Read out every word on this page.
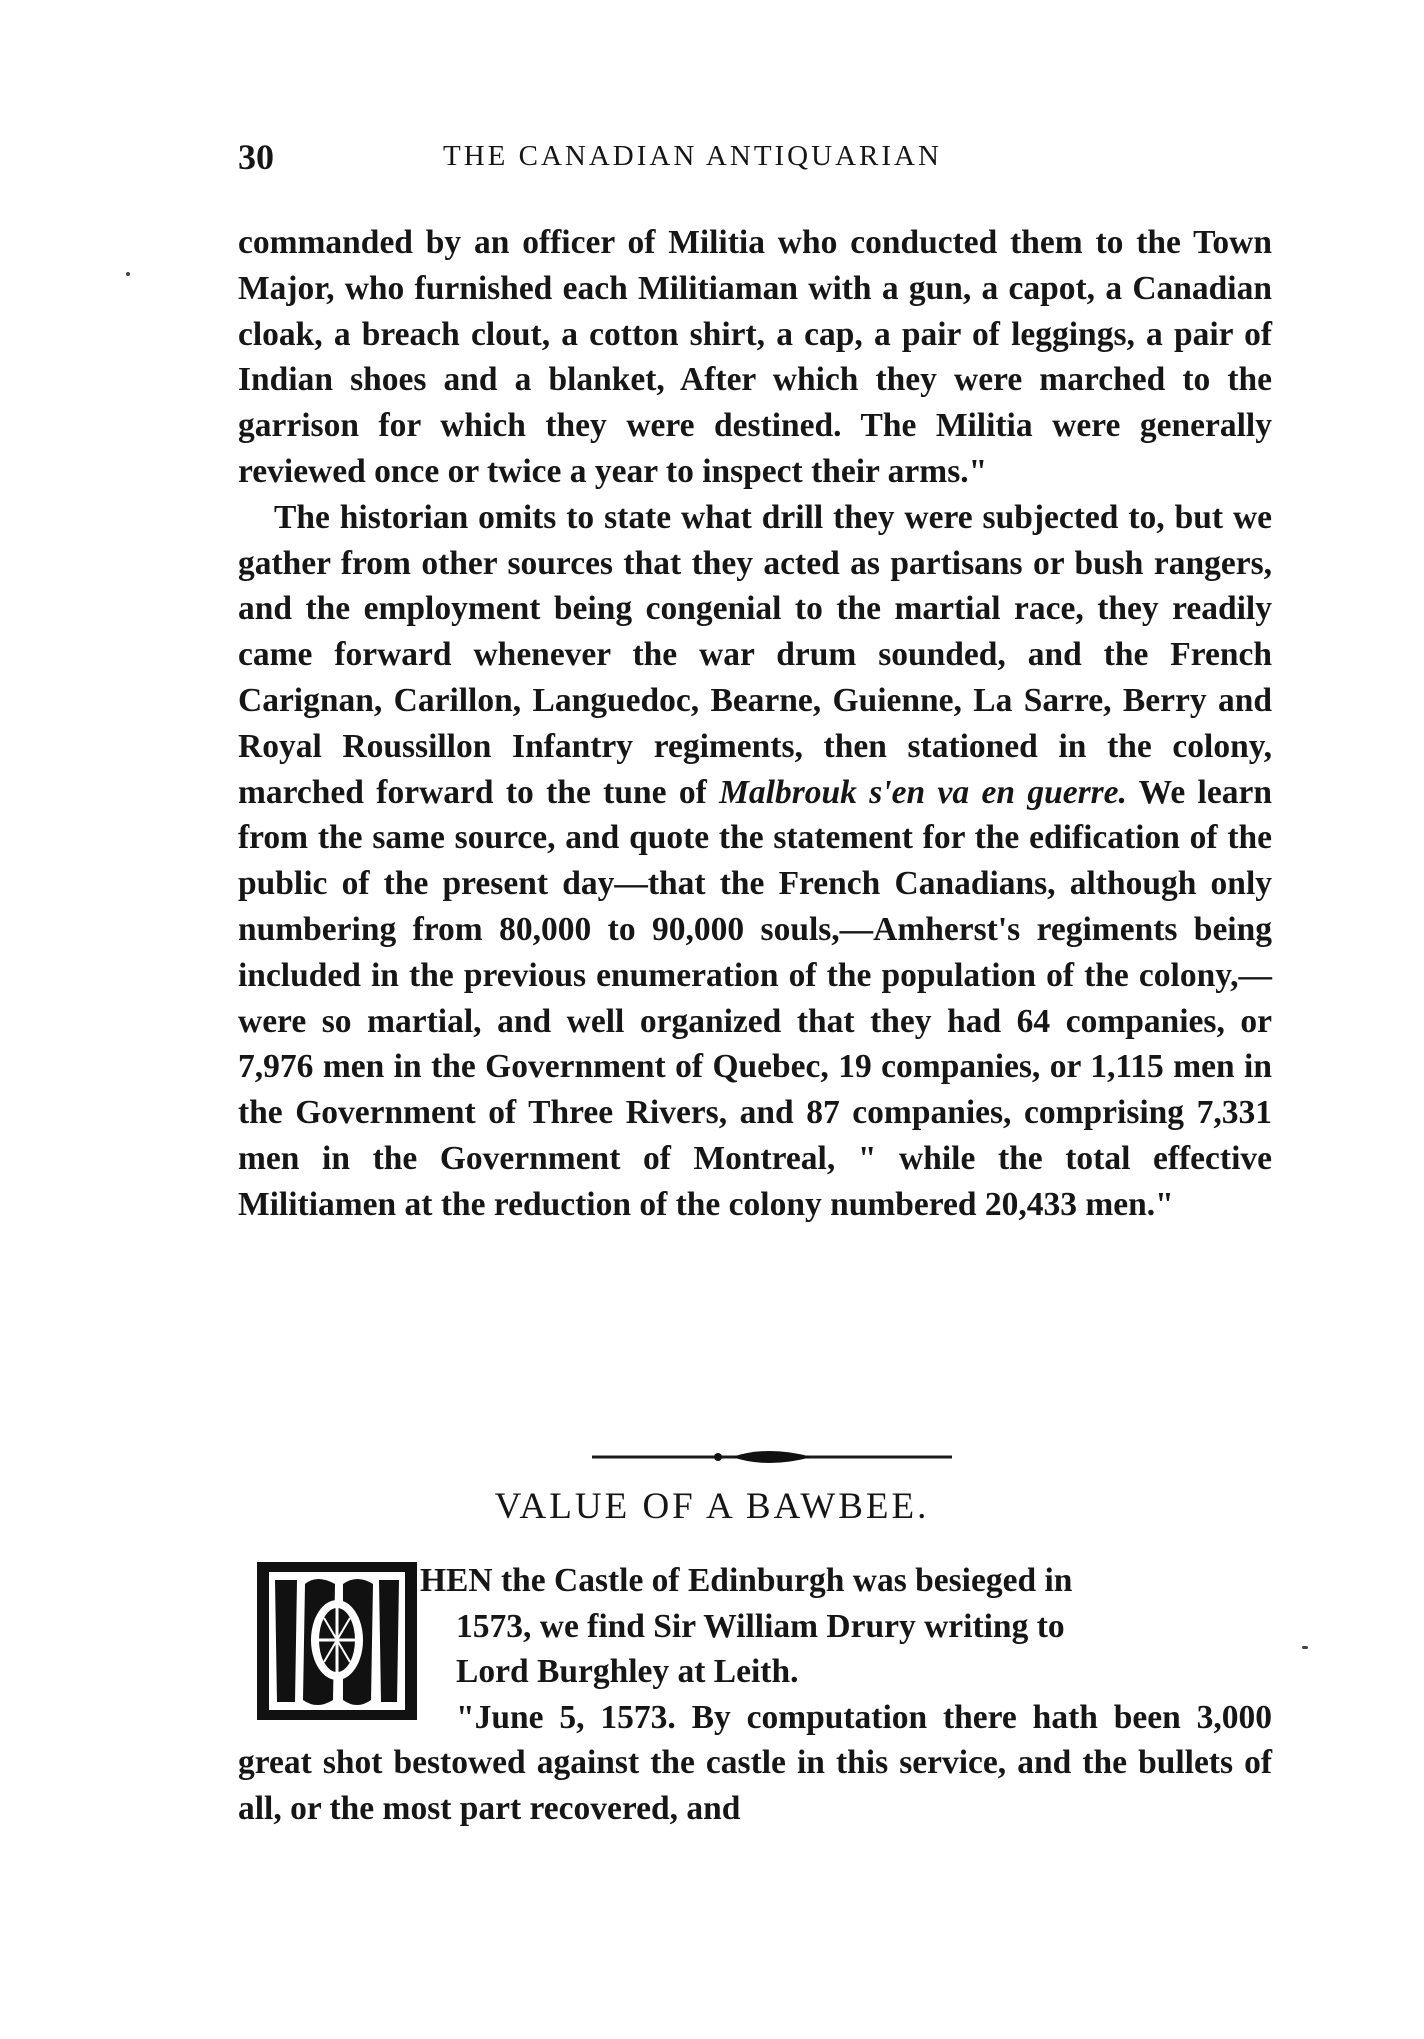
30	THE CANADIAN ANTIQUARIAN

commanded by an officer of Militia who conducted them to the Town Major, who furnished each Militiaman with a gun, a capot, a Canadian cloak, a breach clout, a cotton shirt, a cap, a pair of leggings, a pair of Indian shoes and a blanket, After which they were marched to the garrison for which they were destined. The Militia were generally reviewed once or twice a year to inspect their arms."

The historian omits to state what drill they were subjected to, but we gather from other sources that they acted as partisans or bush rangers, and the employment being congenial to the martial race, they readily came forward whenever the war drum sounded, and the French Carignan, Carillon, Languedoc, Bearne, Guienne, La Sarre, Berry and Royal Roussillon Infantry regiments, then stationed in the colony, marched forward to the tune of Malbrouk s'en va en guerre. We learn from the same source, and quote the statement for the edification of the public of the present day—that the French Canadians, although only numbering from 80,000 to 90,000 souls,—Amherst's regiments being included in the previous enumeration of the population of the colony,—were so martial, and well organized that they had 64 companies, or 7,976 men in the Government of Quebec, 19 companies, or 1,115 men in the Government of Three Rivers, and 87 companies, comprising 7,331 men in the Government of Montreal, " while the total effective Militiamen at the reduction of the colony numbered 20,433 men."

VALUE OF A BAWBEE.
W	HEN the Castle of Edinburgh was besieged in
1573, we find Sir William Drury writing to
Lord Burghley at Leith.

"June 5, 1573. By computation there hath been 3,000 great shot bestowed against the castle in this service, and the bullets of all, or the most part recovered, and
